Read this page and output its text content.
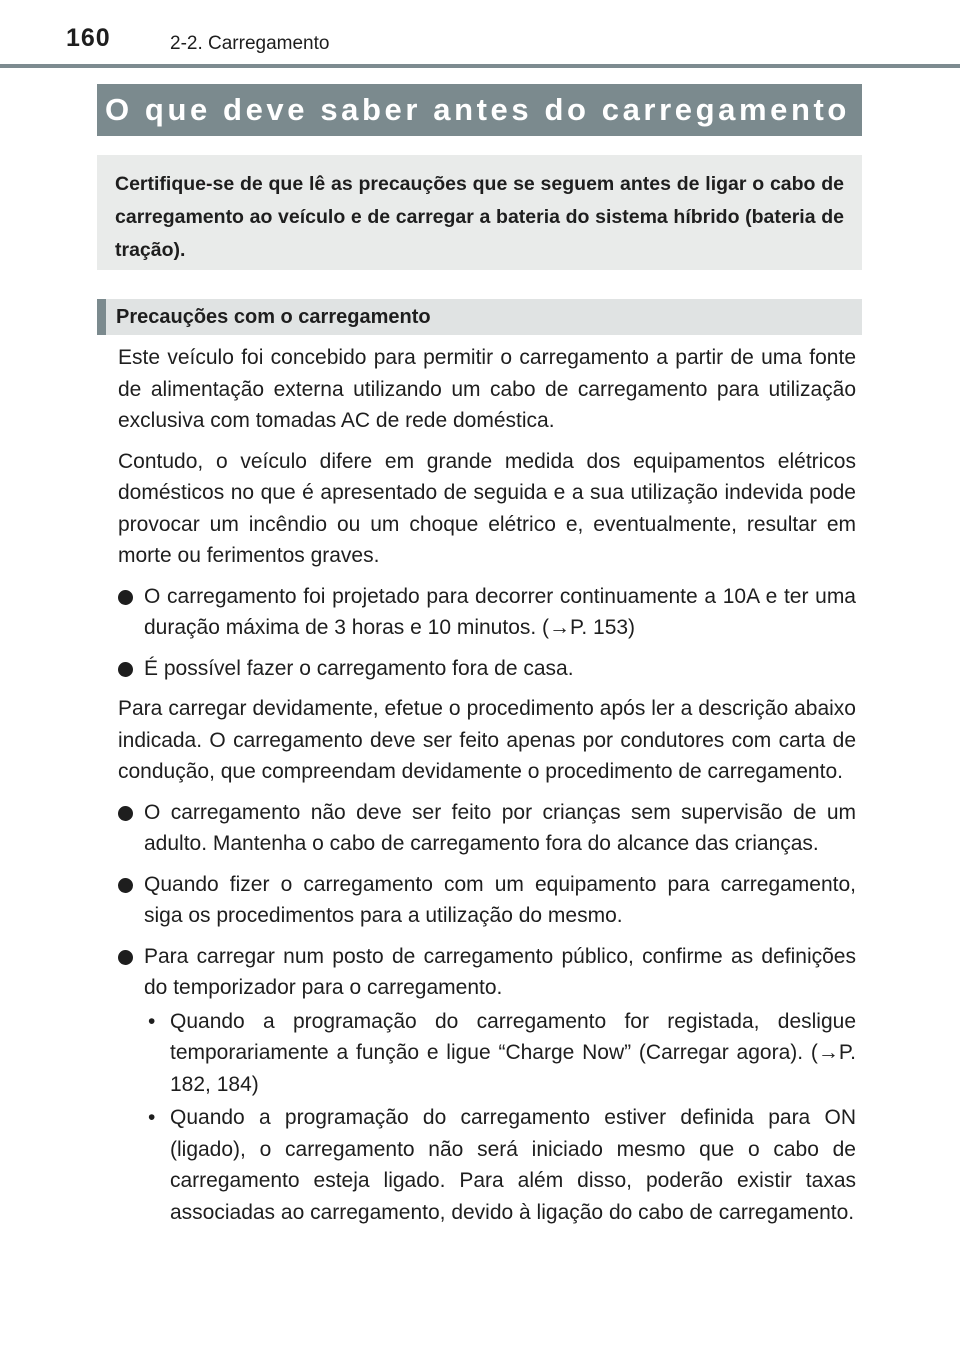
160	2-2. Carregamento
O que deve saber antes do carregamento
Certifique-se de que lê as precauções que se seguem antes de ligar o cabo de carregamento ao veículo e de carregar a bateria do sistema híbrido (bateria de tração).
Precauções com o carregamento

Este veículo foi concebido para permitir o carregamento a partir de uma fonte de alimentação externa utilizando um cabo de carregamento para utilização exclusiva com tomadas AC de rede doméstica.

Contudo, o veículo difere em grande medida dos equipamentos elétricos domésticos no que é apresentado de seguida e a sua utilização indevida pode provocar um incêndio ou um choque elétrico e, eventualmente, resultar em morte ou ferimentos graves.

O carregamento foi projetado para decorrer continuamente a 10A e ter uma duração máxima de 3 horas e 10 minutos. (→P. 153)
É possível fazer o carregamento fora de casa.

Para carregar devidamente, efetue o procedimento após ler a descrição abaixo indicada. O carregamento deve ser feito apenas por condutores com carta de condução, que compreendam devidamente o procedimento de carregamento.

O carregamento não deve ser feito por crianças sem supervisão de um adulto. Mantenha o cabo de carregamento fora do alcance das crianças.
Quando fizer o carregamento com um equipamento para carregamento, siga os procedimentos para a utilização do mesmo.
Para carregar num posto de carregamento público, confirme as definições do temporizador para o carregamento.
• Quando a programação do carregamento for registada, desligue temporariamente a função e ligue “Charge Now” (Carregar agora). (→P. 182, 184)
• Quando a programação do carregamento estiver definida para ON (ligado), o carregamento não será iniciado mesmo que o cabo de carregamento esteja ligado. Para além disso, poderão existir taxas associadas ao carregamento, devido à ligação do cabo de carregamento.
